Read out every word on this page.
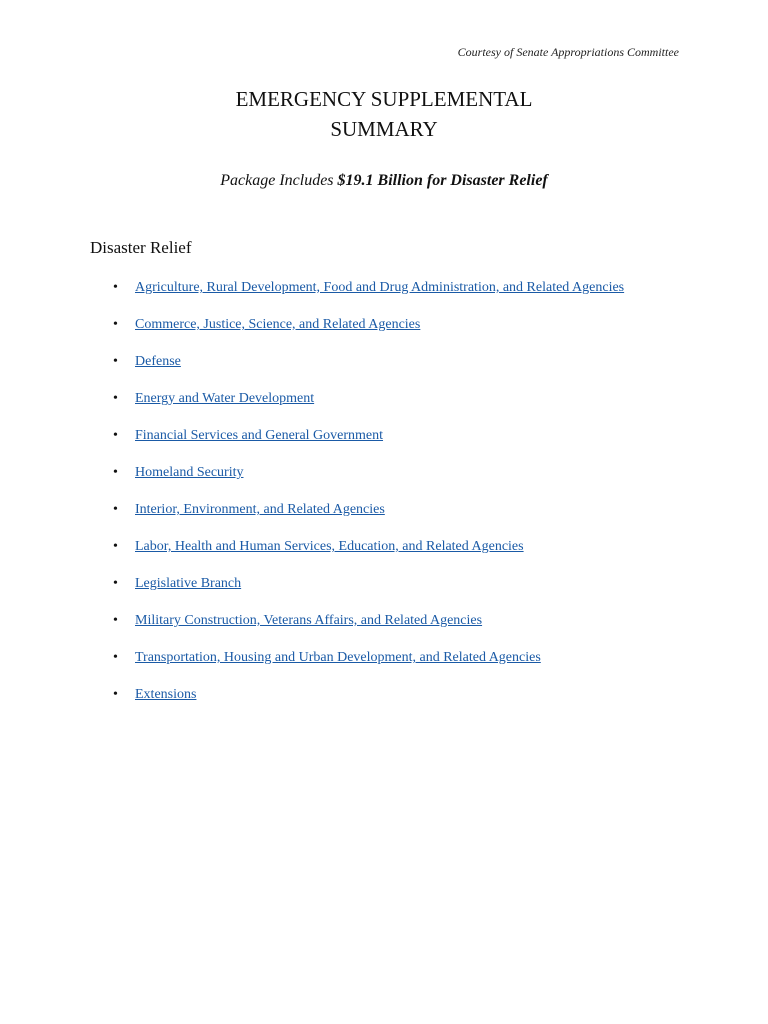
Courtesy of Senate Appropriations Committee
EMERGENCY SUPPLEMENTAL
SUMMARY
Package Includes $19.1 Billion for Disaster Relief
Disaster Relief
• Agriculture, Rural Development, Food and Drug Administration, and Related Agencies
• Commerce, Justice, Science, and Related Agencies
• Defense
• Energy and Water Development
• Financial Services and General Government
• Homeland Security
• Interior, Environment, and Related Agencies
• Labor, Health and Human Services, Education, and Related Agencies
• Legislative Branch
• Military Construction, Veterans Affairs, and Related Agencies
• Transportation, Housing and Urban Development, and Related Agencies
• Extensions
